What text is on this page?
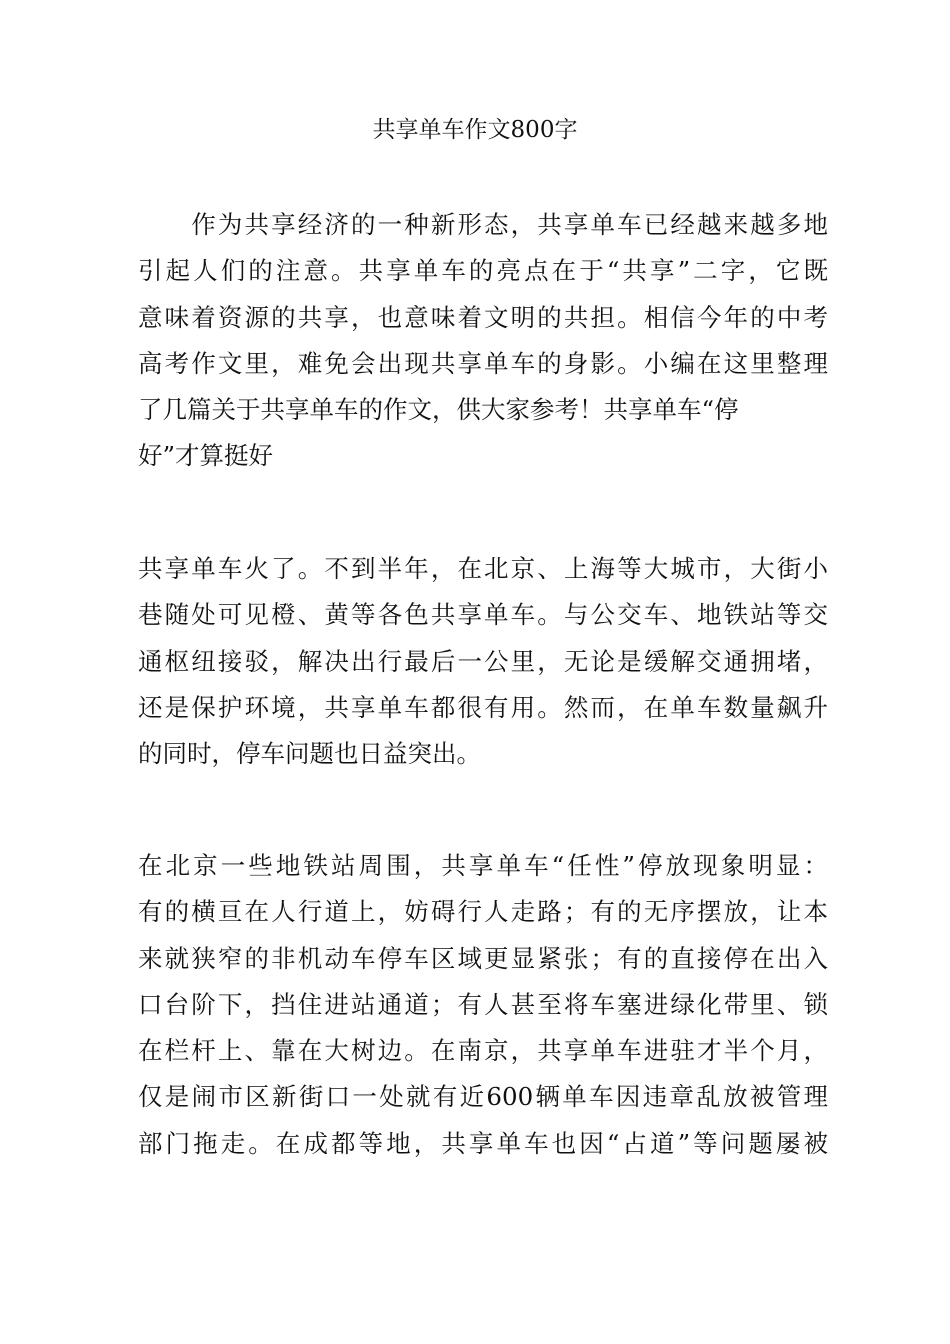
共享单车作文800字
　　作为共享经济的一种新形态，共享单车已经越来越多地
引起人们的注意。共享单车的亮点在于“共享”二字，它既
意味着资源的共享，也意味着文明的共担。相信今年的中考
高考作文里，难免会出现共享单车的身影。小编在这里整理
了几篇关于共享单车的作文，供大家参考！共享单车“停
好”才算挺好
共享单车火了。不到半年，在北京、上海等大城市，大街小
巷随处可见橙、黄等各色共享单车。与公交车、地铁站等交
通枢纽接驳，解决出行最后一公里，无论是缓解交通拥堵，
还是保护环境，共享单车都很有用。然而，在单车数量飙升
的同时，停车问题也日益突出。
在北京一些地铁站周围，共享单车“任性”停放现象明显：
有的横亘在人行道上，妨碍行人走路；有的无序摆放，让本
来就狭窄的非机动车停车区域更显紧张；有的直接停在出入
口台阶下，挡住进站通道；有人甚至将车塞进绿化带里、锁
在栏杆上、靠在大树边。在南京，共享单车进驻才半个月，
仅是闹市区新街口一处就有近600辆单车因违章乱放被管理
部门拖走。在成都等地，共享单车也因“占道”等问题屡被
